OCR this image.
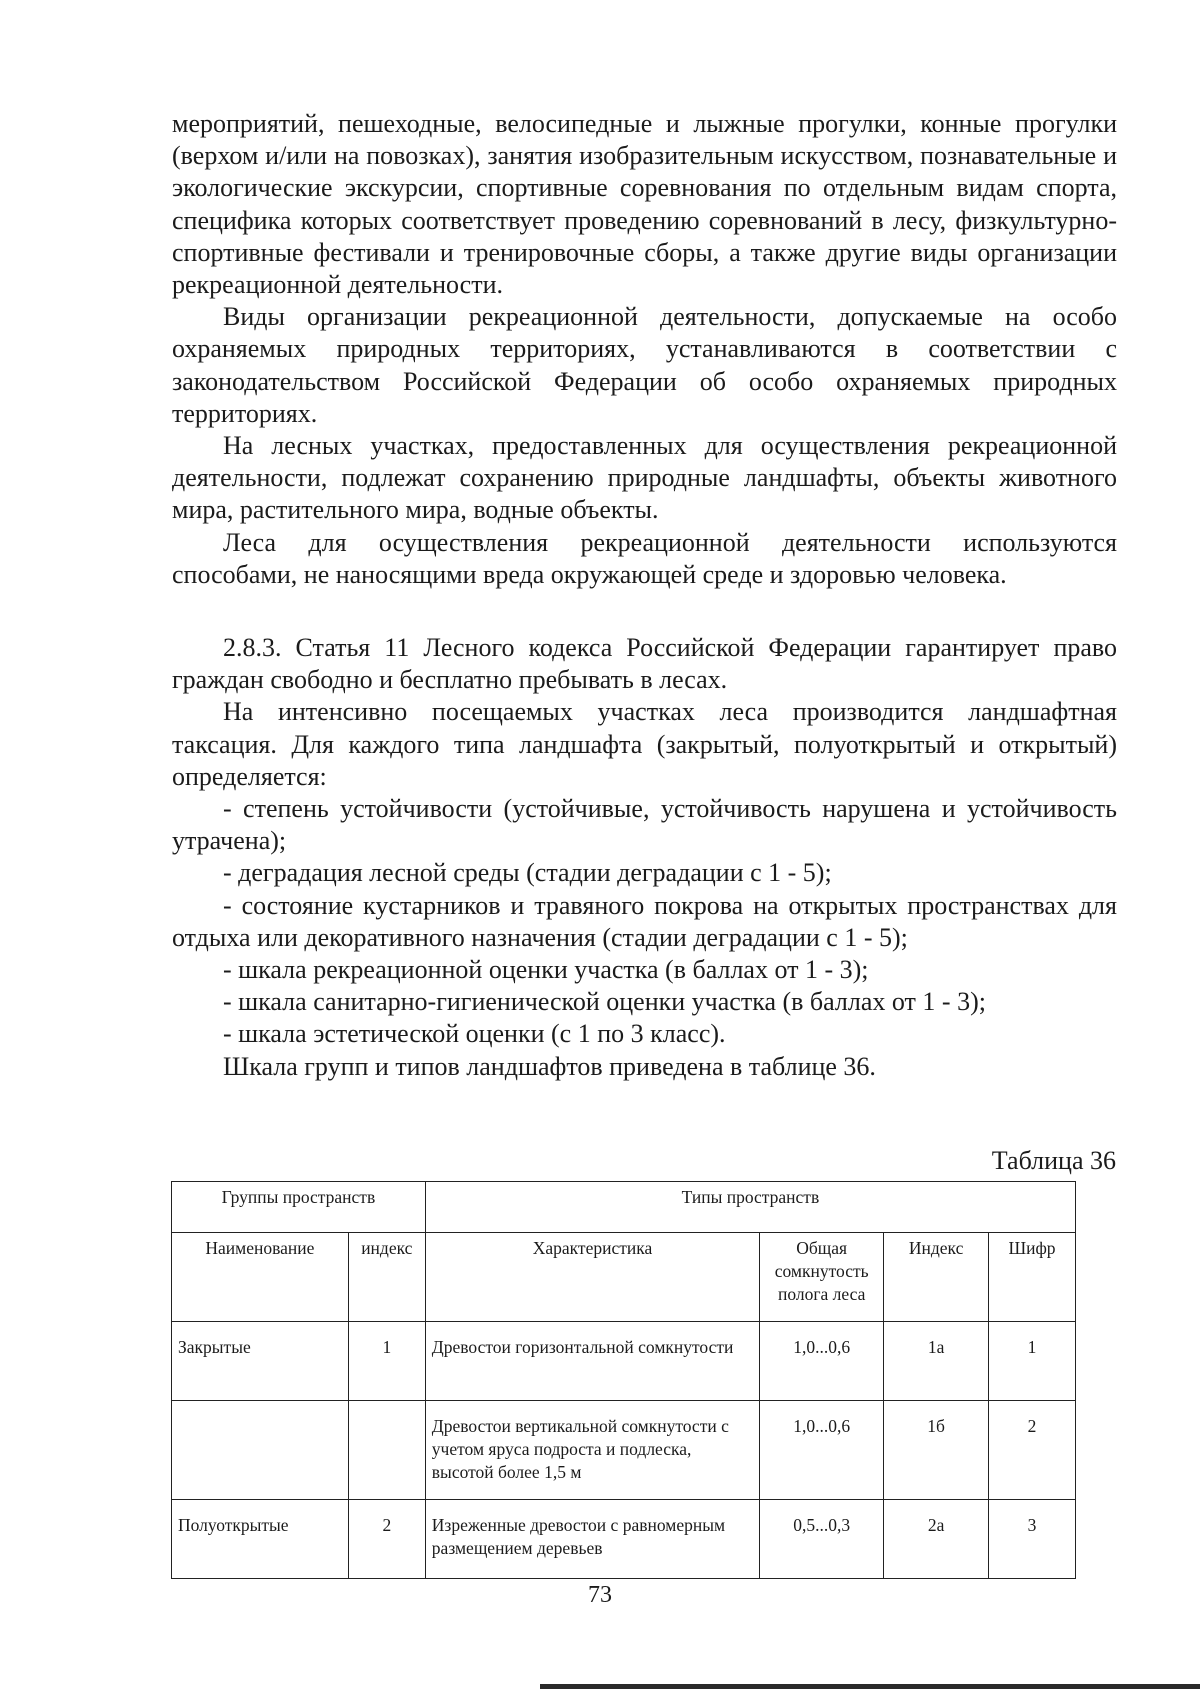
мероприятий, пешеходные, велосипедные и лыжные прогулки, конные прогулки (верхом и/или на повозках), занятия изобразительным искусством, познавательные и экологические экскурсии, спортивные соревнования по отдельным видам спорта, специфика которых соответствует проведению соревнований в лесу, физкультурно-спортивные фестивали и тренировочные сборы, а также другие виды организации рекреационной деятельности.

Виды организации рекреационной деятельности, допускаемые на особо охраняемых природных территориях, устанавливаются в соответствии с законодательством Российской Федерации об особо охраняемых природных территориях.

На лесных участках, предоставленных для осуществления рекреационной деятельности, подлежат сохранению природные ландшафты, объекты животного мира, растительного мира, водные объекты.

Леса для осуществления рекреационной деятельности используются способами, не наносящими вреда окружающей среде и здоровью человека.

2.8.3. Статья 11 Лесного кодекса Российской Федерации гарантирует право граждан свободно и бесплатно пребывать в лесах.

На интенсивно посещаемых участках леса производится ландшафтная таксация. Для каждого типа ландшафта (закрытый, полуоткрытый и открытый) определяется:

- степень устойчивости (устойчивые, устойчивость нарушена и устойчивость утрачена);

- деградация лесной среды (стадии деградации с 1 - 5);

- состояние кустарников и травяного покрова на открытых пространствах для отдыха или декоративного назначения (стадии деградации с 1 - 5);

- шкала рекреационной оценки участка (в баллах от 1 - 3);

- шкала санитарно-гигиенической оценки участка (в баллах от 1 - 3);

- шкала эстетической оценки (с 1 по 3 класс).

Шкала групп и типов ландшафтов приведена в таблице 36.

Таблица 36
Группы пространств		Типы пространств			
Наименование	индекс	Характеристика	Общая сомкнутость полога леса	Индекс	Шифр
Закрытые	1	Древостои горизонтальной сомкнутости	1,0...0,6	1а	1
		Древостои вертикальной сомкнутости с учетом яруса подроста и подлеска, высотой более 1,5 м	1,0...0,6	1б	2
Полуоткрытые	2	Изреженные древостои с равномерным размещением деревьев	0,5...0,3	2а	3
73
